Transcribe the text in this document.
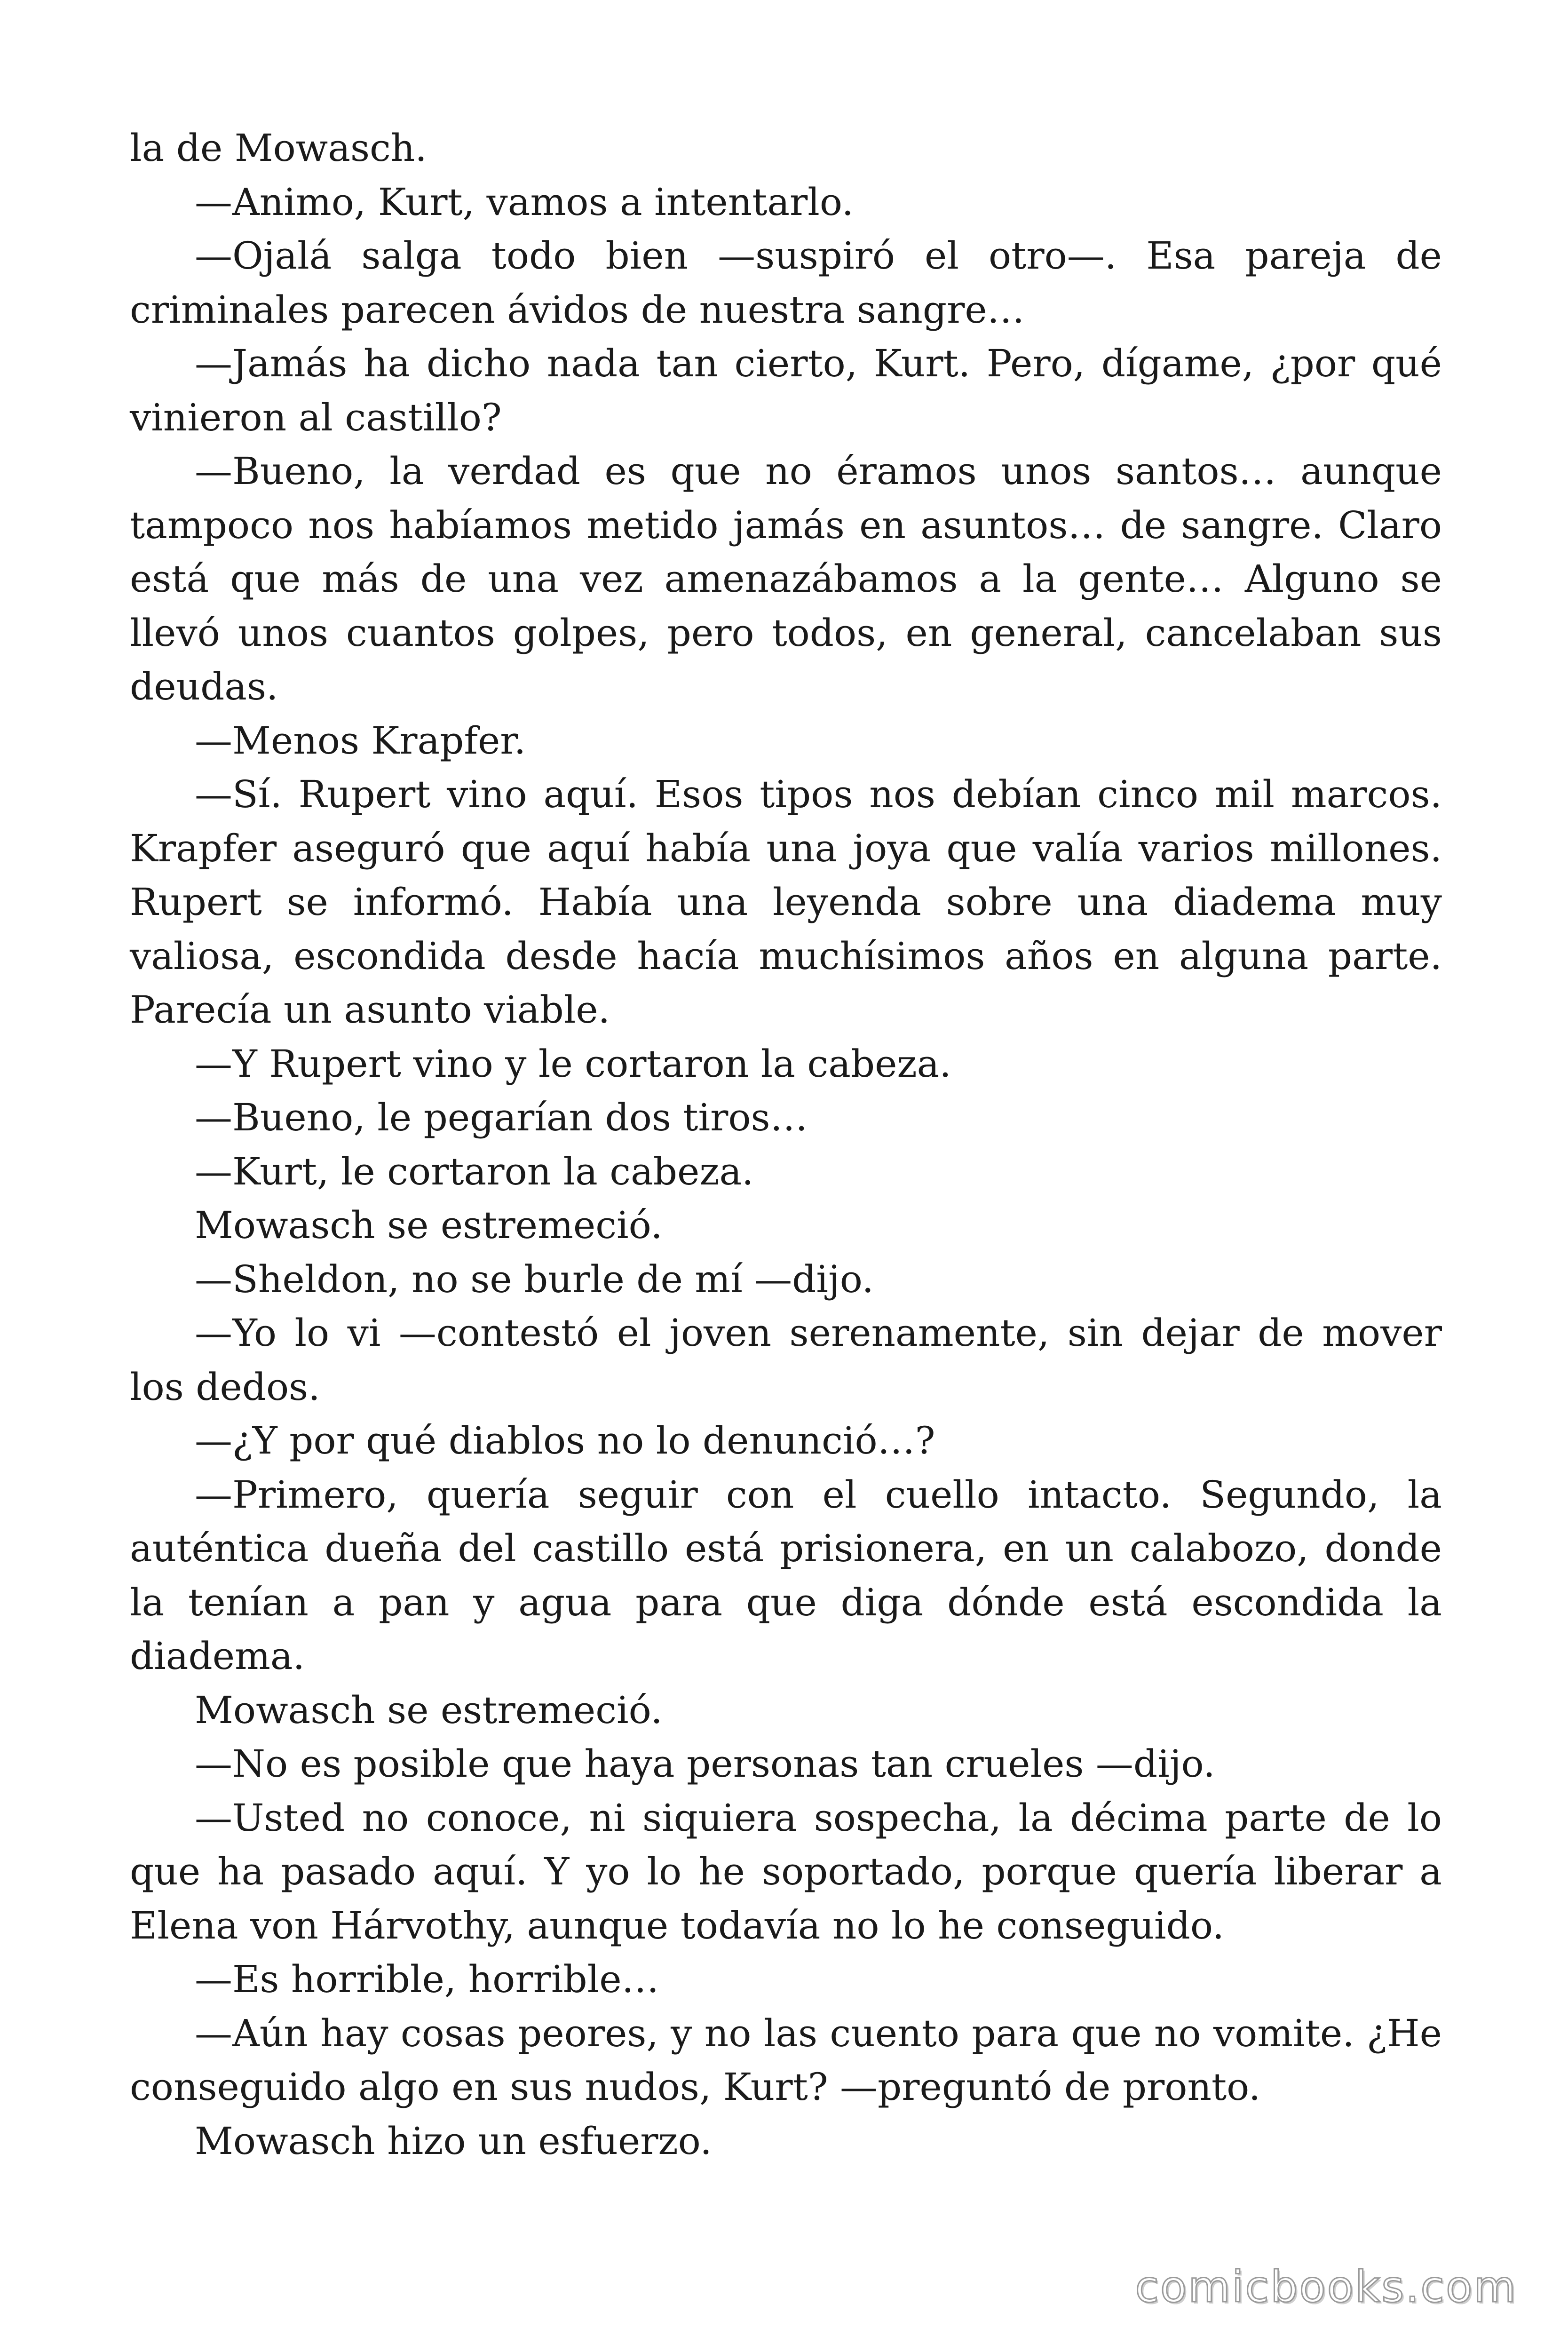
la de Mowasch.

—Animo, Kurt, vamos a intentarlo.

—Ojalá salga todo bien —suspiró el otro—. Esa pareja de criminales parecen ávidos de nuestra sangre…

—Jamás ha dicho nada tan cierto, Kurt. Pero, dígame, ¿por qué vinieron al castillo?

—Bueno, la verdad es que no éramos unos santos… aunque tampoco nos habíamos metido jamás en asuntos… de sangre. Claro está que más de una vez amenazábamos a la gente… Alguno se llevó unos cuantos golpes, pero todos, en general, cancelaban sus deudas.

—Menos Krapfer.

—Sí. Rupert vino aquí. Esos tipos nos debían cinco mil marcos. Krapfer aseguró que aquí había una joya que valía varios millones. Rupert se informó. Había una leyenda sobre una diadema muy valiosa, escondida desde hacía muchísimos años en alguna parte. Parecía un asunto viable.

—Y Rupert vino y le cortaron la cabeza.

—Bueno, le pegarían dos tiros…

—Kurt, le cortaron la cabeza.

Mowasch se estremeció.

—Sheldon, no se burle de mí —dijo.

—Yo lo vi —contestó el joven serenamente, sin dejar de mover los dedos.

—¿Y por qué diablos no lo denunció…?

—Primero, quería seguir con el cuello intacto. Segundo, la auténtica dueña del castillo está prisionera, en un calabozo, donde la tenían a pan y agua para que diga dónde está escondida la diadema.

Mowasch se estremeció.

—No es posible que haya personas tan crueles —dijo.

—Usted no conoce, ni siquiera sospecha, la décima parte de lo que ha pasado aquí. Y yo lo he soportado, porque quería liberar a Elena von Hárvothy, aunque todavía no lo he conseguido.

—Es horrible, horrible…

—Aún hay cosas peores, y no las cuento para que no vomite. ¿He conseguido algo en sus nudos, Kurt? —preguntó de pronto.

Mowasch hizo un esfuerzo.

comicbooks.com
